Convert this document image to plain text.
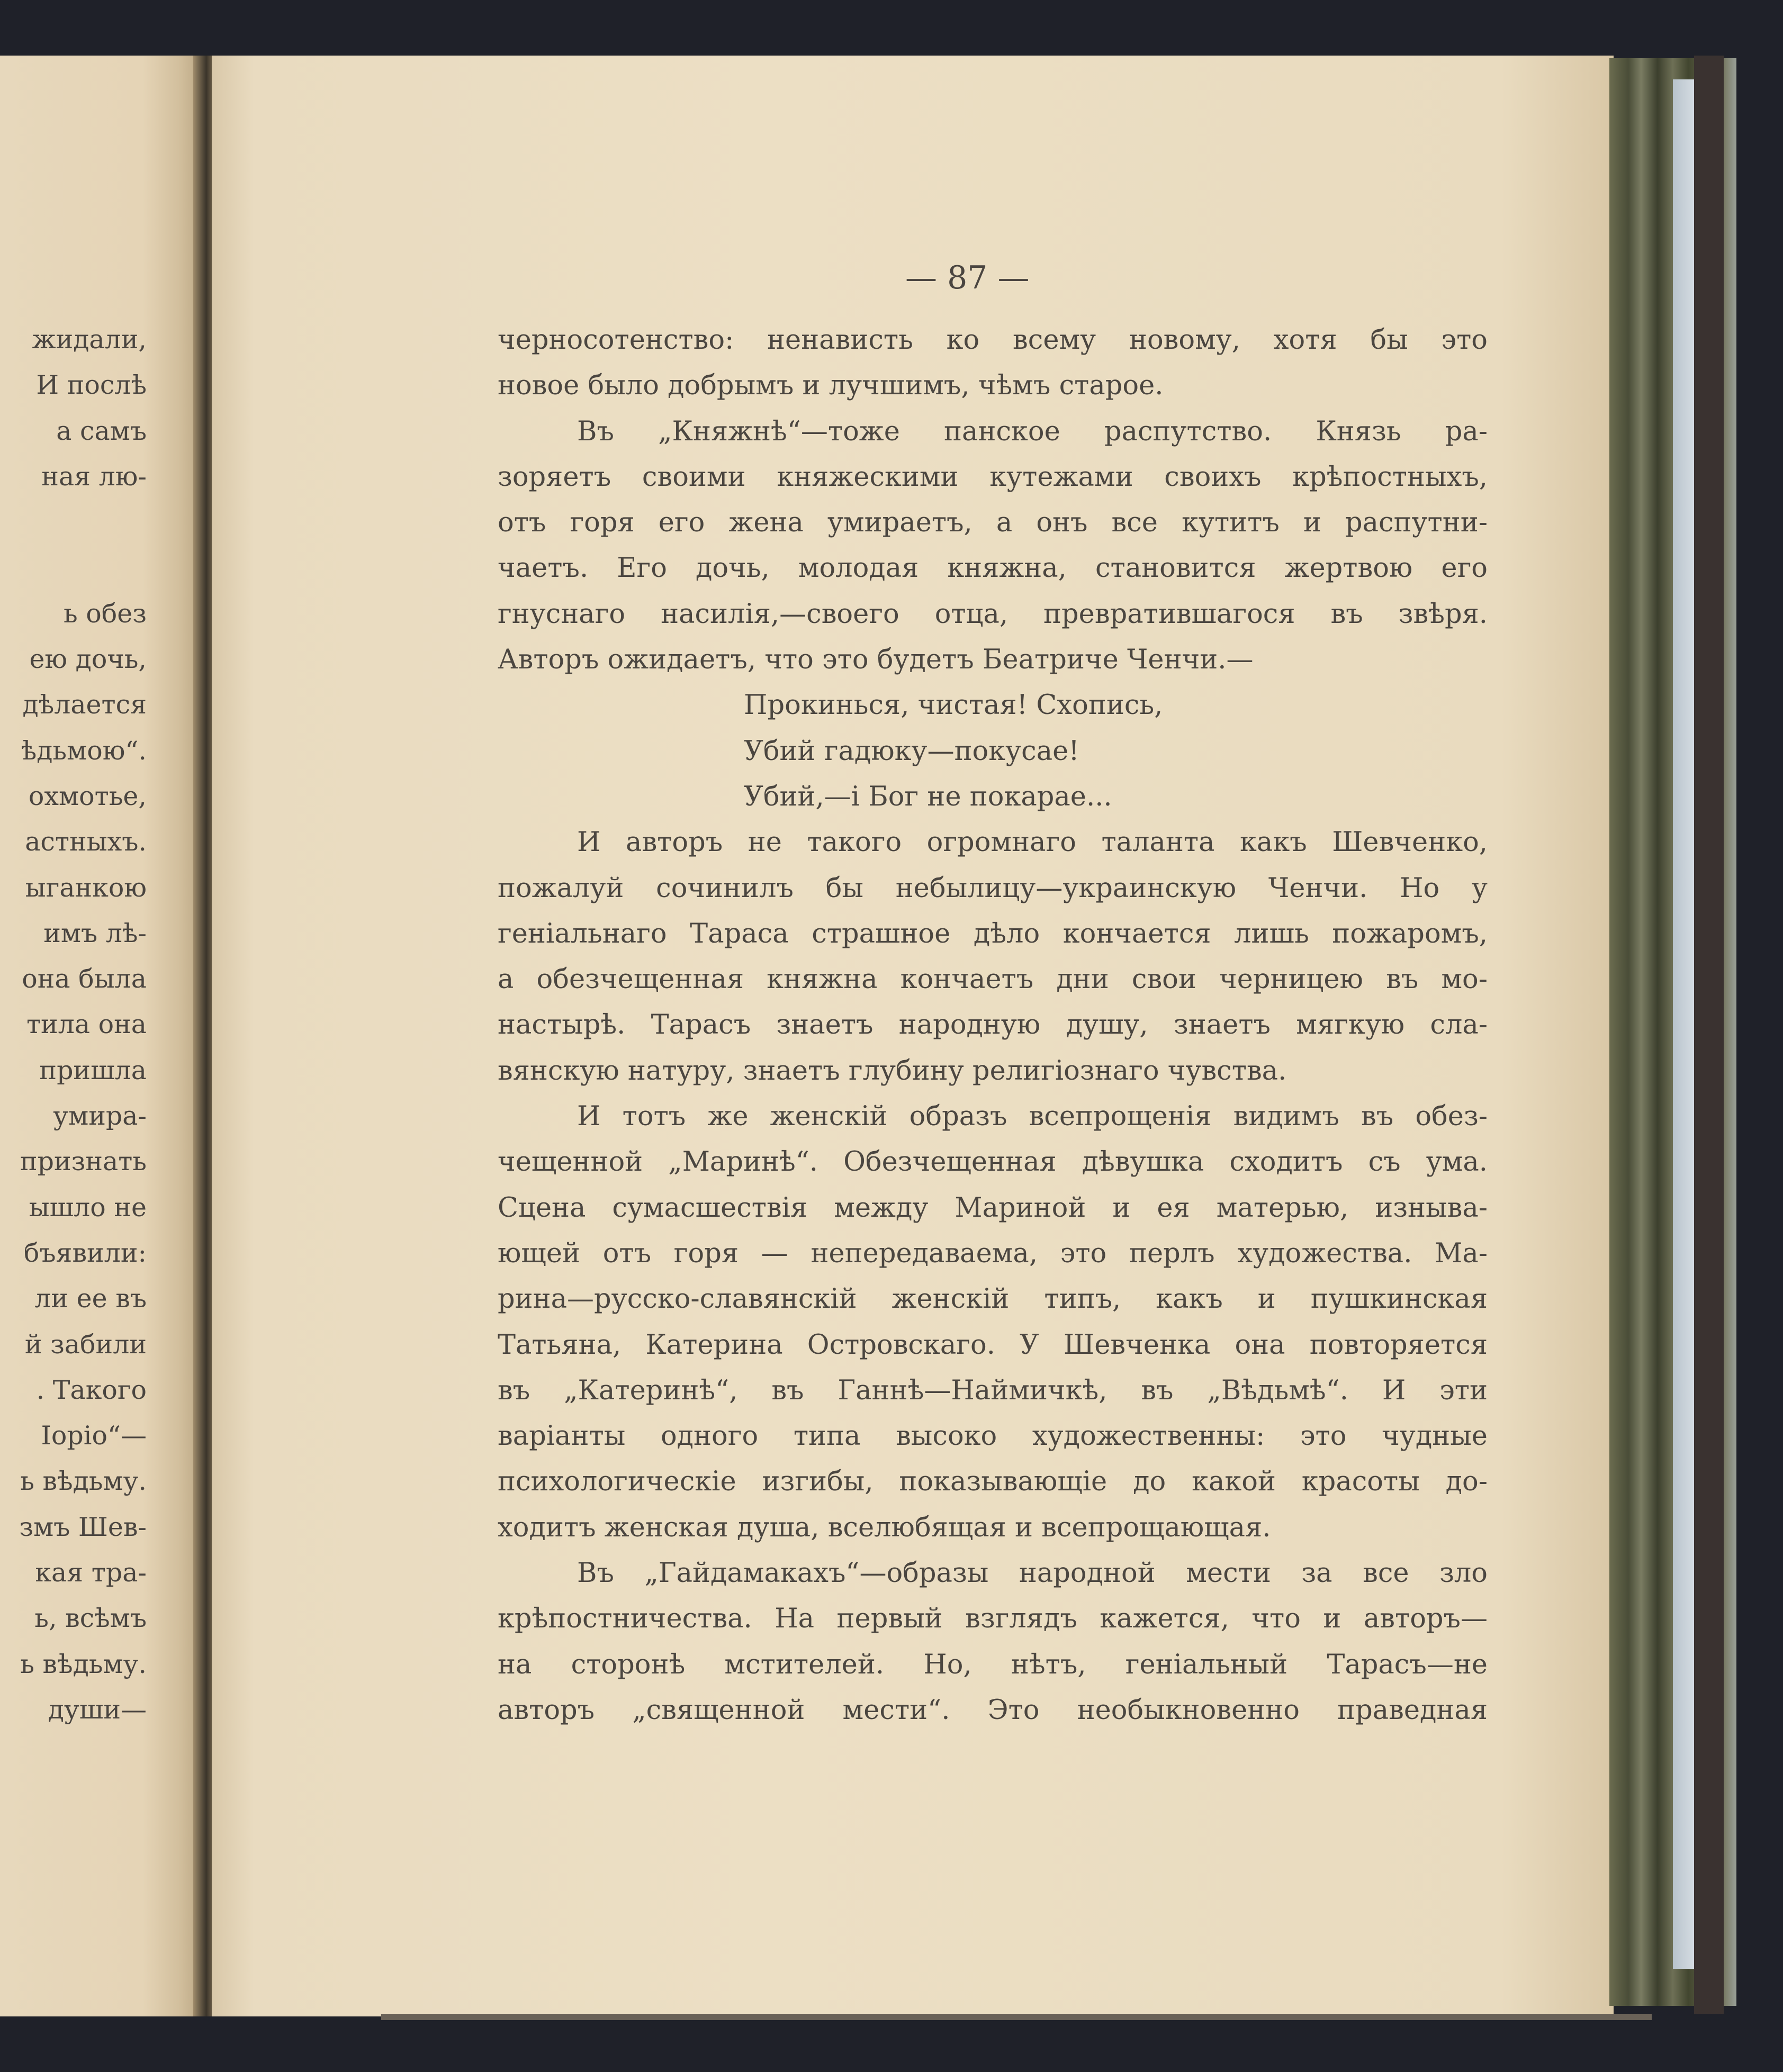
жидали,
И послѣ
а самъ
ная лю-
ь обез
ею дочь,
дѣлается
ѣдьмою“.
охмотье,
астныхъ.
ыганкою
имъ лѣ-
она была
тила она
пришла
умира-
признать
ышло не
бъявили:
ли ее въ
й забили
. Такого
Іоріо“—
ь вѣдьму.
змъ Шев-
кая тра-
ь, всѣмъ
ь вѣдьму.
души—
— 87 —
черносотенство: ненависть ко всему новому, хотя бы это
новое было добрымъ и лучшимъ, чѣмъ старое.
Въ „Княжнѣ“—тоже панское распутство. Князь ра-
зоряетъ своими княжескими кутежами своихъ крѣпостныхъ,
отъ горя его жена умираетъ, а онъ все кутитъ и распутни-
чаетъ. Его дочь, молодая княжна, становится жертвою его
гнуснаго насилія,—своего отца, превратившагося въ звѣря.
Авторъ ожидаетъ, что это будетъ Беатриче Ченчи.—
Прокинься, чистая! Схопись,
Убий гадюку—покусае!
Убий,—i Бог не покарае...
И авторъ не такого огромнаго таланта какъ Шевченко,
пожалуй сочинилъ бы небылицу—украинскую Ченчи. Но у
геніальнаго Тараса страшное дѣло кончается лишь пожаромъ,
а обезчещенная княжна кончаетъ дни свои черницею въ мо-
настырѣ. Тарасъ знаетъ народную душу, знаетъ мягкую сла-
вянскую натуру, знаетъ глубину религіознаго чувства.
И тотъ же женскій образъ всепрощенія видимъ въ обез-
чещенной „Маринѣ“. Обезчещенная дѣвушка сходитъ съ ума.
Сцена сумасшествія между Мариной и ея матерью, изныва-
ющей отъ горя — непередаваема, это перлъ художества. Ма-
рина—русско-славянскій женскій типъ, какъ и пушкинская
Татьяна, Катерина Островскаго. У Шевченка она повторяется
въ „Катеринѣ“, въ Ганнѣ—Наймичкѣ, въ „Вѣдьмѣ“. И эти
варіанты одного типа высоко художественны: это чудные
психологическіе изгибы, показывающіе до какой красоты до-
ходитъ женская душа, вселюбящая и всепрощающая.
Въ „Гайдамакахъ“—образы народной мести за все зло
крѣпостничества. На первый взглядъ кажется, что и авторъ—
на сторонѣ мстителей. Но, нѣтъ, геніальный Тарасъ—не
авторъ „священной мести“. Это необыкновенно праведная
